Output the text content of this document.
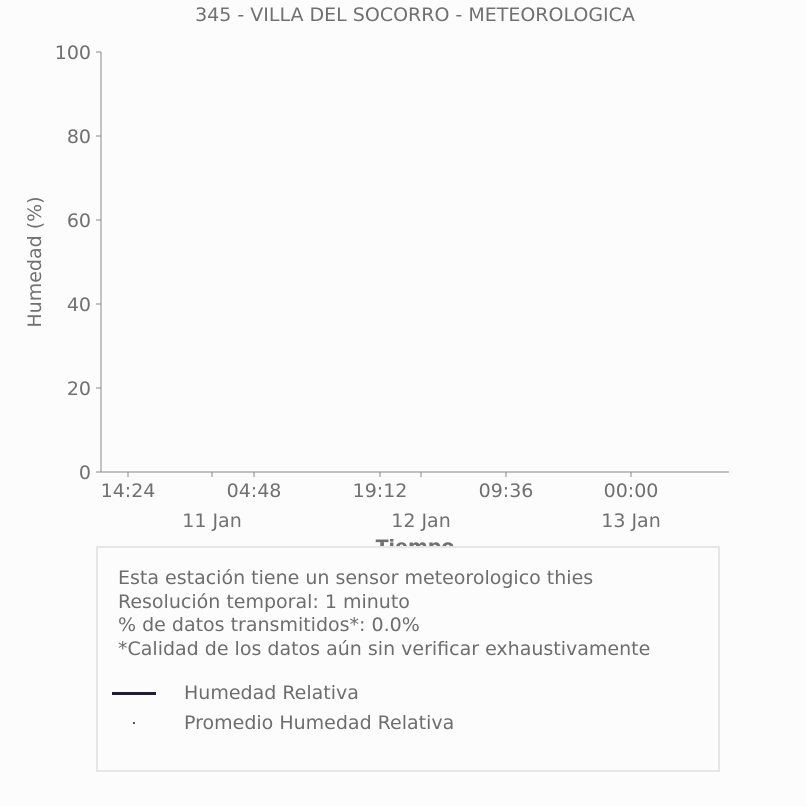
345 - VILLA DEL SOCORRO - METEOROLOGICA
Humedad (%)
0
20
40
60
80
100
14:24	04:48	19:12	09:36	00:00
11 Jan	12 Jan	13 Jan
Esta estación tiene un sensor meteorologico thies
Resolución temporal: 1 minuto
% de datos transmitidos*: 0.0%
*Calidad de los datos aún sin verificar exhaustivamente
Humedad Relativa
Promedio Humedad Relativa
